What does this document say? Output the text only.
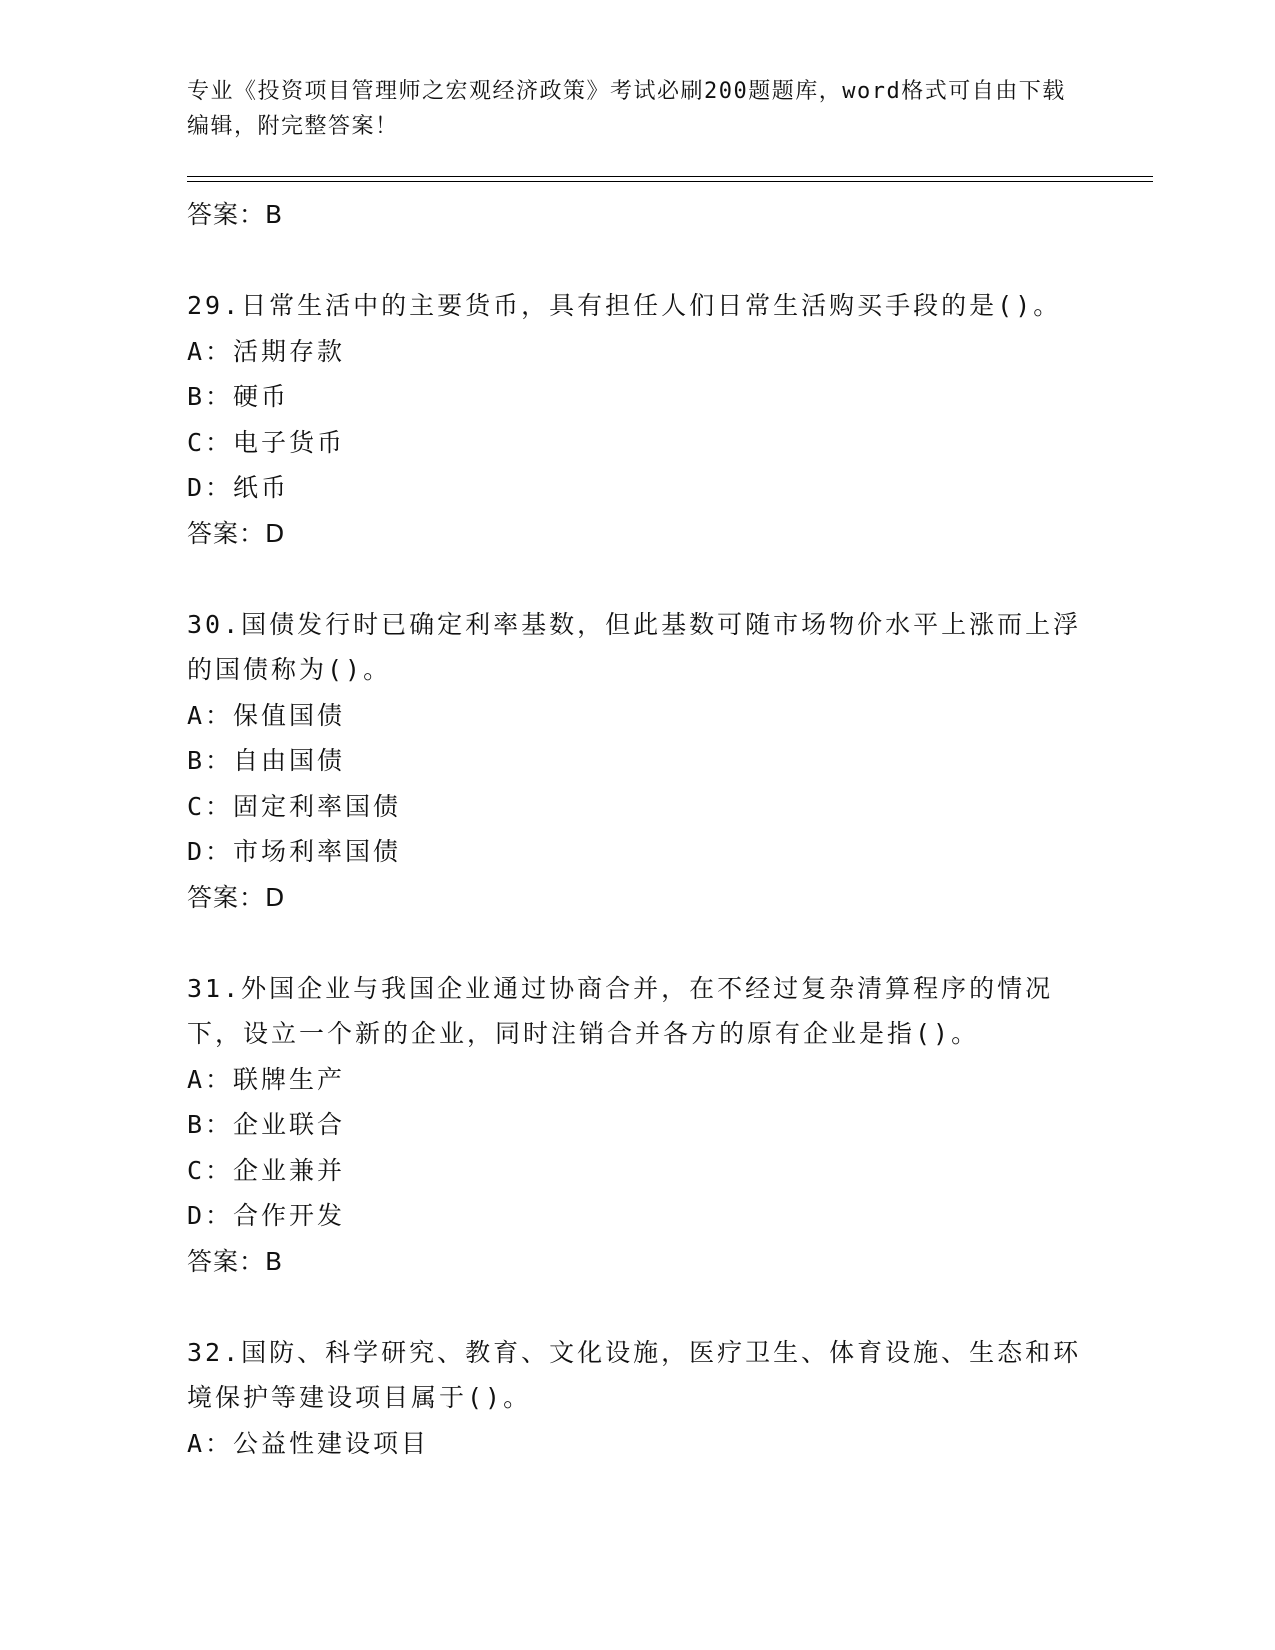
专业《投资项目管理师之宏观经济政策》考试必刷200题题库，word格式可自由下载编辑，附完整答案！

答案：B

29.日常生活中的主要货币，具有担任人们日常生活购买手段的是()。

A：活期存款

B：硬币

C：电子货币

D：纸币

答案：D

30.国债发行时已确定利率基数，但此基数可随市场物价水平上涨而上浮的国债称为()。

A：保值国债

B：自由国债

C：固定利率国债

D：市场利率国债

答案：D

31.外国企业与我国企业通过协商合并，在不经过复杂清算程序的情况下，设立一个新的企业，同时注销合并各方的原有企业是指()。

A：联牌生产

B：企业联合

C：企业兼并

D：合作开发

答案：B

32.国防、科学研究、教育、文化设施，医疗卫生、体育设施、生态和环境保护等建设项目属于()。

A：公益性建设项目
